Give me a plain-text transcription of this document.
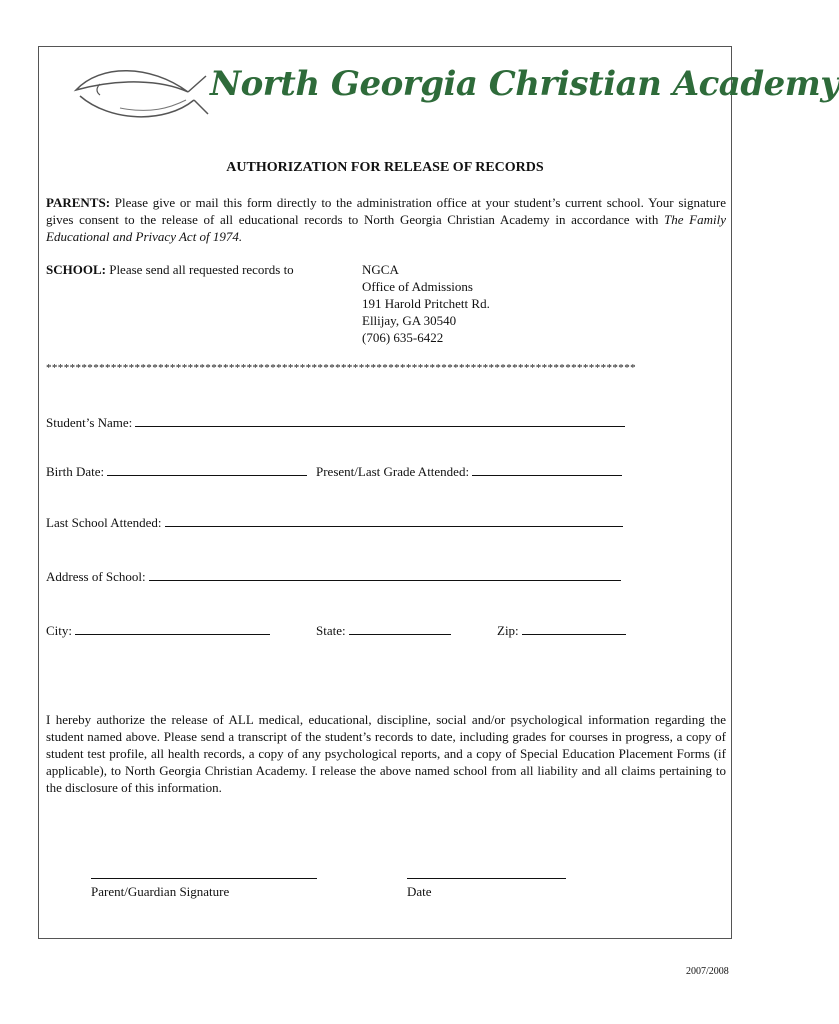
North Georgia Christian Academy
AUTHORIZATION FOR RELEASE OF RECORDS
PARENTS: Please give or mail this form directly to the administration office at your student’s current school. Your signature gives consent to the release of all educational records to North Georgia Christian Academy in accordance with The Family Educational and Privacy Act of 1974.
SCHOOL: Please send all requested records to	NGCA
Office of Admissions
191 Harold Pritchett Rd.
Ellijay, GA 30540
(706) 635-6422
****************************************************************************************************
Student’s Name:
Birth Date:	Present/Last Grade Attended:
Last School Attended:
Address of School:
City:	State:	Zip:
I hereby authorize the release of ALL medical, educational, discipline, social and/or psychological information regarding the student named above. Please send a transcript of the student’s records to date, including grades for courses in progress, a copy of student test profile, all health records, a copy of any psychological reports, and a copy of Special Education Placement Forms (if applicable), to North Georgia Christian Academy. I release the above named school from all liability and all claims pertaining to the disclosure of this information.
Parent/Guardian Signature	Date
2007/2008
